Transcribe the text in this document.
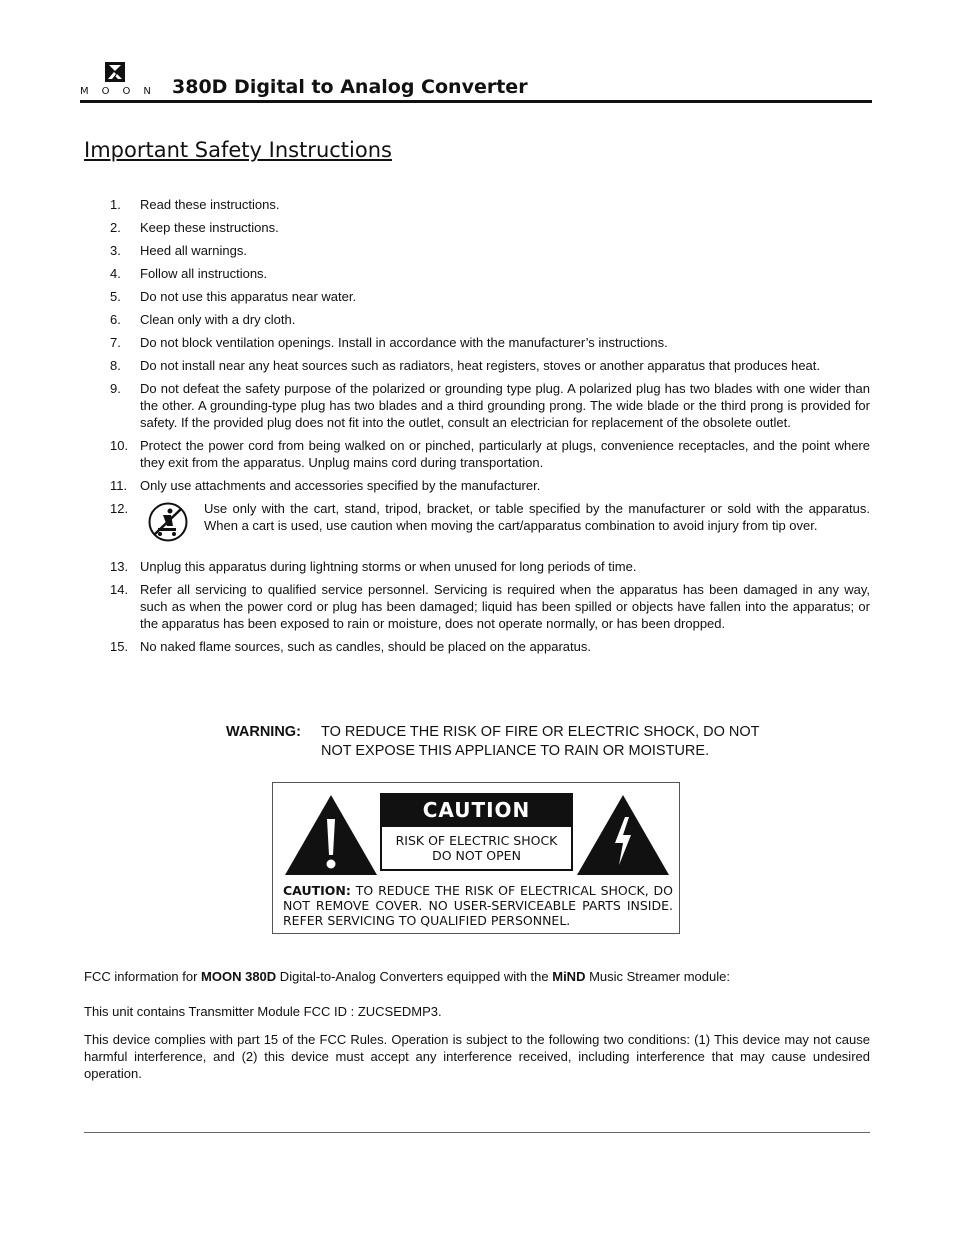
MOON 380D Digital to Analog Converter
Important Safety Instructions
1. Read these instructions.
2. Keep these instructions.
3. Heed all warnings.
4. Follow all instructions.
5. Do not use this apparatus near water.
6. Clean only with a dry cloth.
7. Do not block ventilation openings. Install in accordance with the manufacturer’s instructions.
8. Do not install near any heat sources such as radiators, heat registers, stoves or another apparatus that produces heat.
9. Do not defeat the safety purpose of the polarized or grounding type plug. A polarized plug has two blades with one wider than the other. A grounding-type plug has two blades and a third grounding prong. The wide blade or the third prong is provided for safety. If the provided plug does not fit into the outlet, consult an electrician for replacement of the obsolete outlet.
10. Protect the power cord from being walked on or pinched, particularly at plugs, convenience receptacles, and the point where they exit from the apparatus. Unplug mains cord during transportation.
11. Only use attachments and accessories specified by the manufacturer.
12.	Use only with the cart, stand, tripod, bracket, or table specified by the manufacturer or sold with the apparatus. When a cart is used, use caution when moving the cart/apparatus combination to avoid injury from tip over.
13. Unplug this apparatus during lightning storms or when unused for long periods of time.
14. Refer all servicing to qualified service personnel. Servicing is required when the apparatus has been damaged in any way, such as when the power cord or plug has been damaged; liquid has been spilled or objects have fallen into the apparatus; or the apparatus has been exposed to rain or moisture, does not operate normally, or has been dropped.
15. No naked flame sources, such as candles, should be placed on the apparatus.
WARNING: TO REDUCE THE RISK OF FIRE OR ELECTRIC SHOCK, DO NOT
NOT EXPOSE THIS APPLIANCE TO RAIN OR MOISTURE.
CAUTION
RISK OF ELECTRIC SHOCK
DO NOT OPEN
CAUTION: TO REDUCE THE RISK OF ELECTRICAL SHOCK, DO NOT REMOVE COVER. NO USER-SERVICEABLE PARTS INSIDE. REFER SERVICING TO QUALIFIED PERSONNEL.
FCC information for MOON 380D Digital-to-Analog Converters equipped with the MiND Music Streamer module:
This unit contains Transmitter Module FCC ID : ZUCSEDMP3.
This device complies with part 15 of the FCC Rules. Operation is subject to the following two conditions: (1) This device may not cause harmful interference, and (2) this device must accept any interference received, including interference that may cause undesired operation.
